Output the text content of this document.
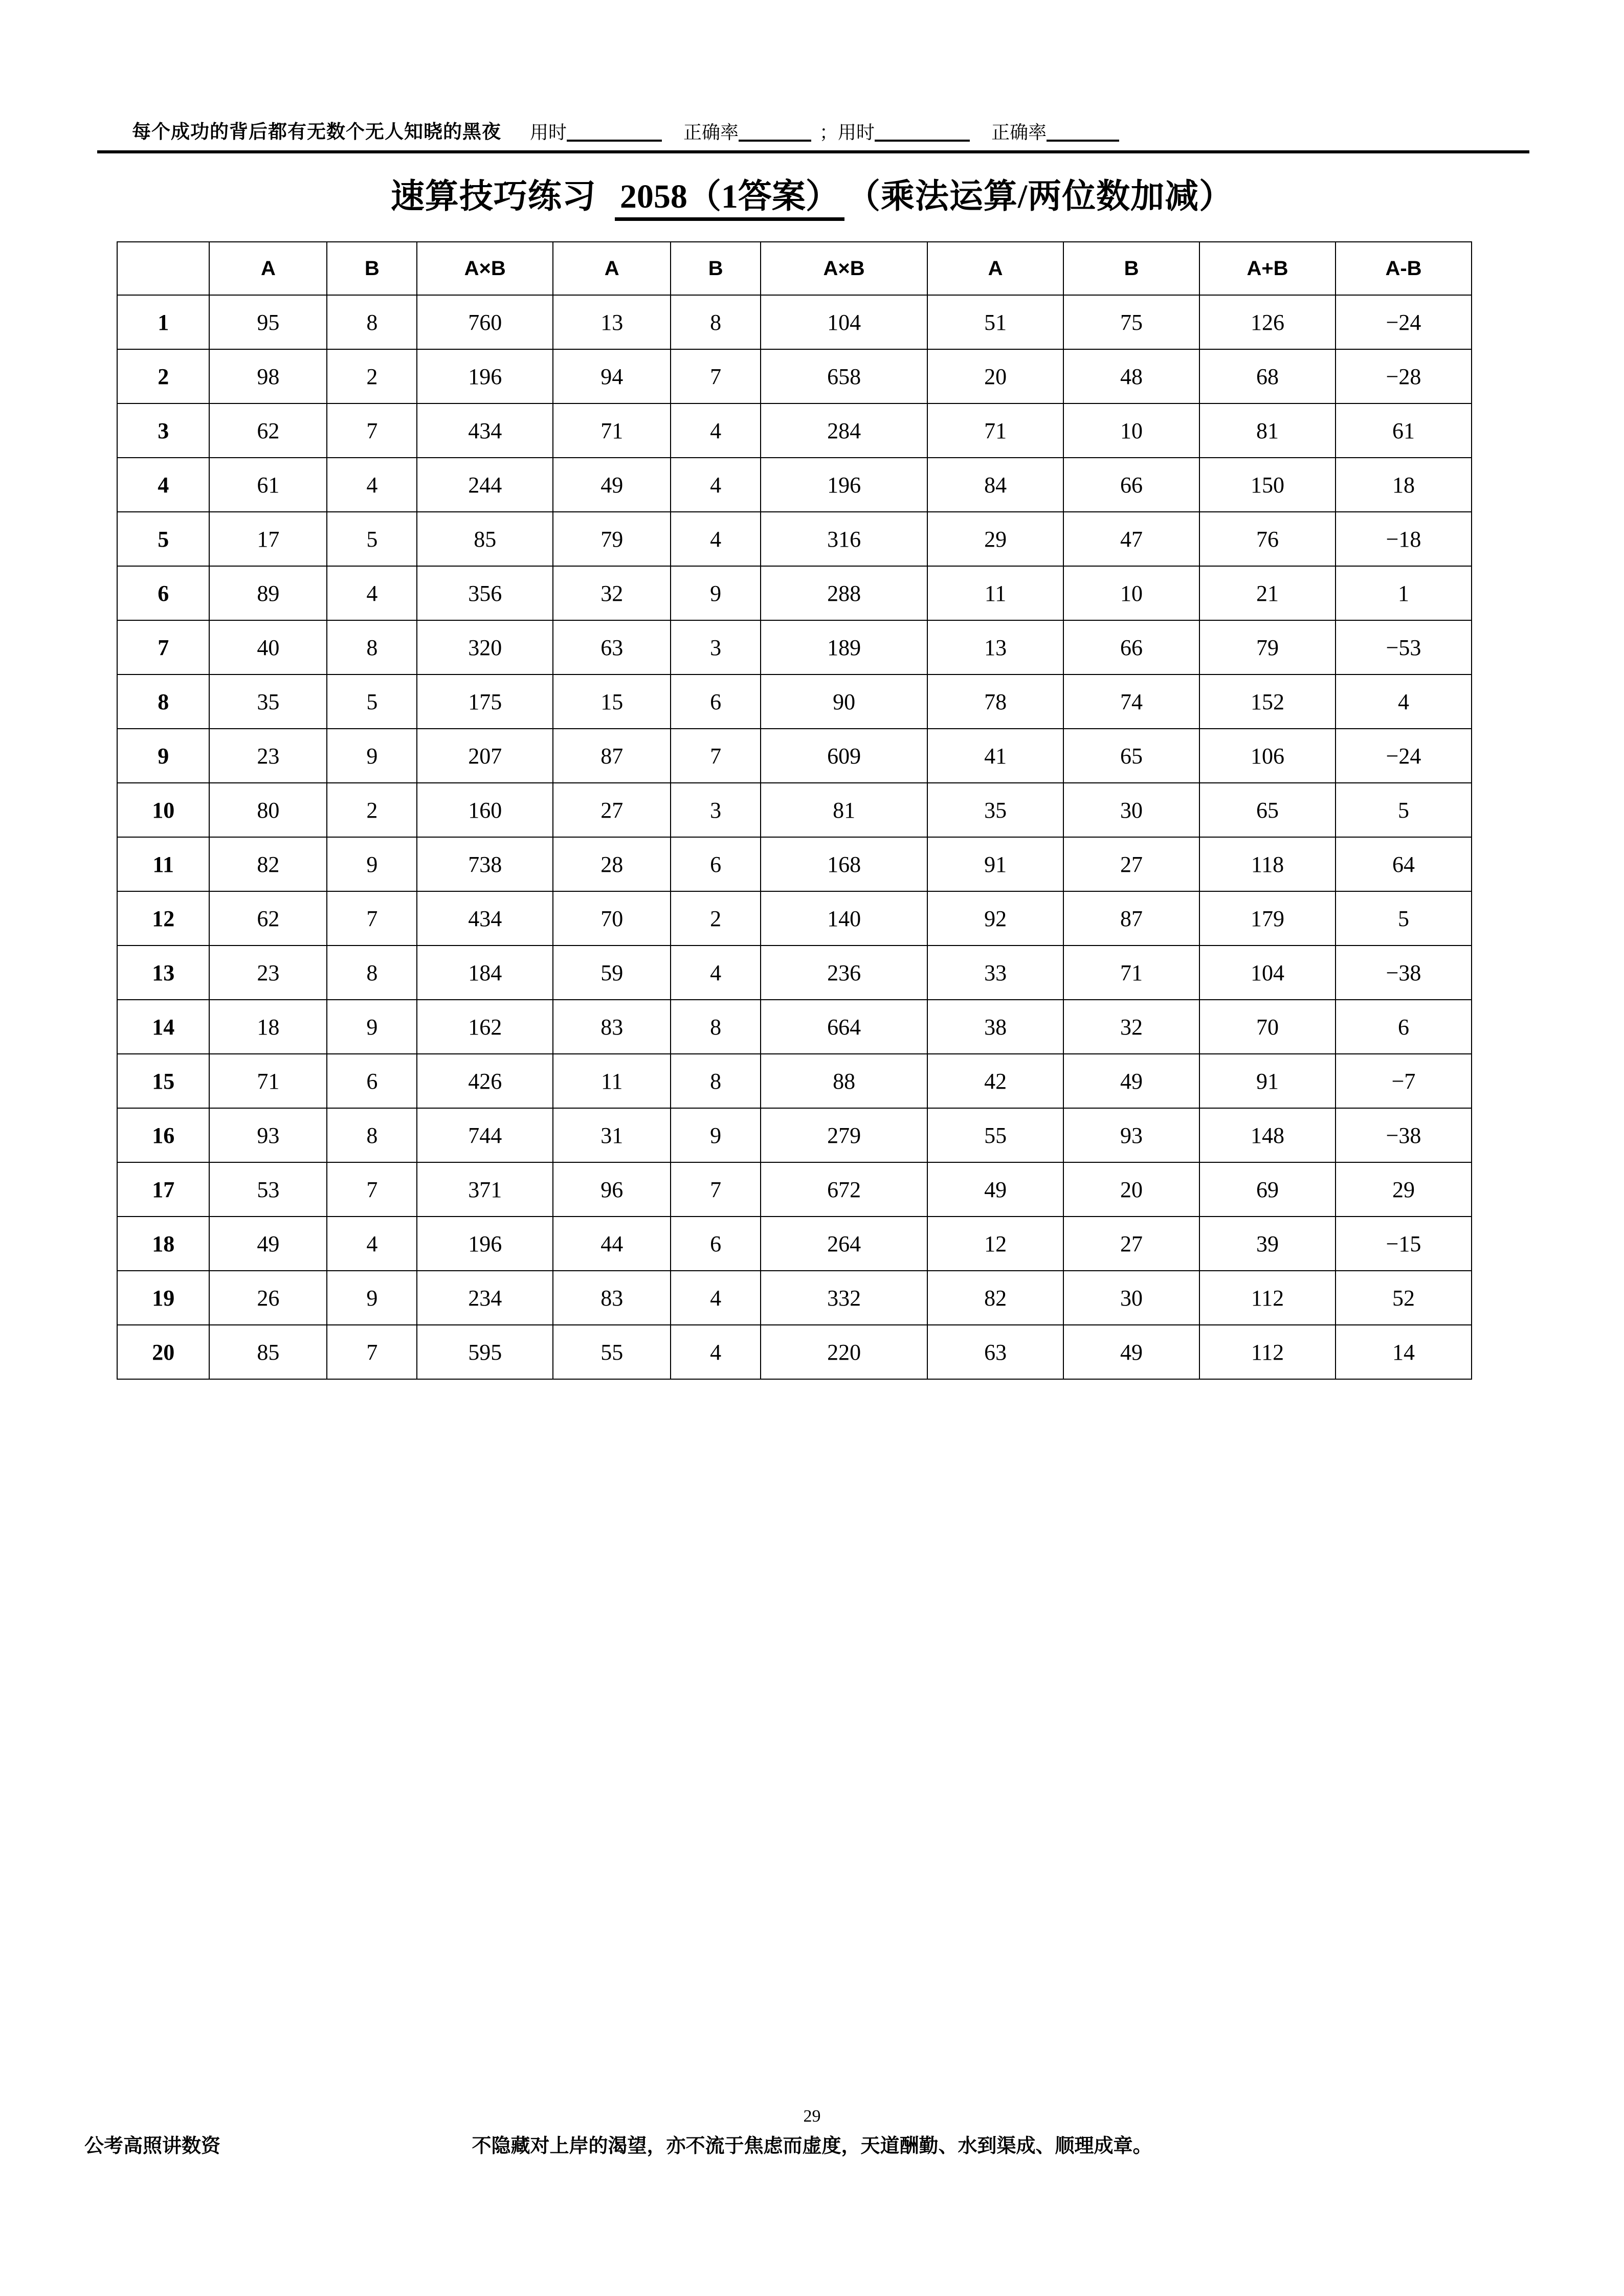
每个成功的背后都有无数个无人知晓的黑夜 用时	正确率	； 用时	正确率
速算技巧练习 2058（1答案） （乘法运算/两位数加减）
	A	B	A×B	A	B	A×B	A	B	A+B	A-B
1	95	8	760	13	8	104	51	75	126	−24
2	98	2	196	94	7	658	20	48	68	−28
3	62	7	434	71	4	284	71	10	81	61
4	61	4	244	49	4	196	84	66	150	18
5	17	5	85	79	4	316	29	47	76	−18
6	89	4	356	32	9	288	11	10	21	1
7	40	8	320	63	3	189	13	66	79	−53
8	35	5	175	15	6	90	78	74	152	4
9	23	9	207	87	7	609	41	65	106	−24
10	80	2	160	27	3	81	35	30	65	5
11	82	9	738	28	6	168	91	27	118	64
12	62	7	434	70	2	140	92	87	179	5
13	23	8	184	59	4	236	33	71	104	−38
14	18	9	162	83	8	664	38	32	70	6
15	71	6	426	11	8	88	42	49	91	−7
16	93	8	744	31	9	279	55	93	148	−38
17	53	7	371	96	7	672	49	20	69	29
18	49	4	196	44	6	264	12	27	39	−15
19	26	9	234	83	4	332	82	30	112	52
20	85	7	595	55	4	220	63	49	112	14
29
公考高照讲数资	不隐藏对上岸的渴望，亦不流于焦虑而虚度，天道酬勤、水到渠成、顺理成章。
